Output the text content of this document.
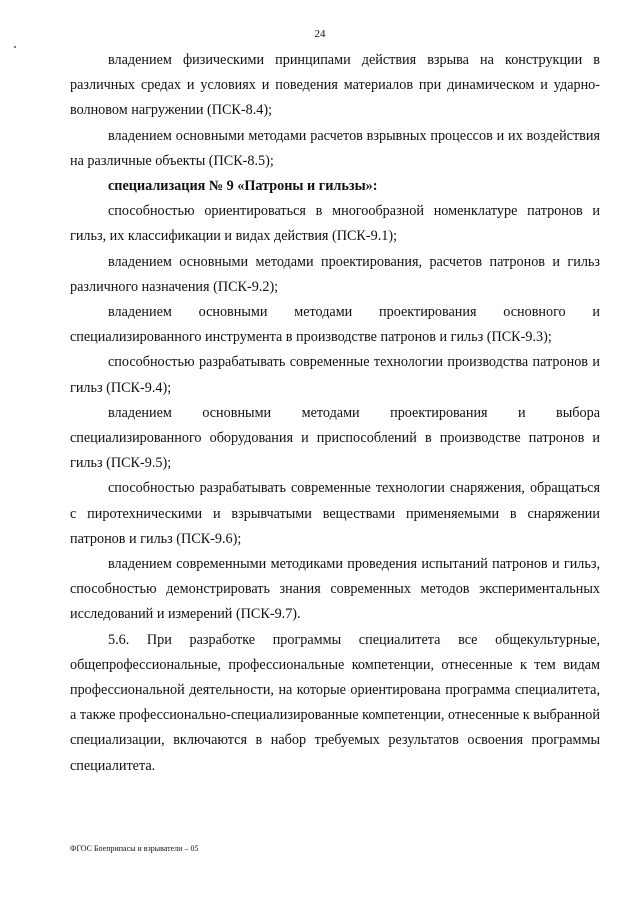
24

владением физическими принципами действия взрыва на конструкции в различных средах и условиях и поведения материалов при динамическом и ударно-волновом нагружении (ПСК-8.4);

владением основными методами расчетов взрывных процессов и их воздействия на различные объекты (ПСК-8.5);

специализация № 9 «Патроны и гильзы»:

способностью ориентироваться в многообразной номенклатуре патронов и гильз, их классификации и видах действия (ПСК-9.1);

владением основными методами проектирования, расчетов патронов и гильз различного назначения (ПСК-9.2);

владением основными методами проектирования основного и специализированного инструмента в производстве патронов и гильз (ПСК-9.3);

способностью разрабатывать современные технологии производства патронов и гильз (ПСК-9.4);

владением основными методами проектирования и выбора специализированного оборудования и приспособлений в производстве патронов и гильз (ПСК-9.5);

способностью разрабатывать современные технологии снаряжения, обращаться с пиротехническими и взрывчатыми веществами применяемыми в снаряжении патронов и гильз (ПСК-9.6);

владением современными методиками проведения испытаний патронов и гильз, способностью демонстрировать знания современных методов экспериментальных исследований и измерений (ПСК-9.7).

5.6. При разработке программы специалитета все общекультурные, общепрофессиональные, профессиональные компетенции, отнесенные к тем видам профессиональной деятельности, на которые ориентирована программа специалитета, а также профессионально-специализированные компетенции, отнесенные к выбранной специализации, включаются в набор требуемых результатов освоения программы специалитета.

ФГОС Боеприпасы и взрыватели – 05
